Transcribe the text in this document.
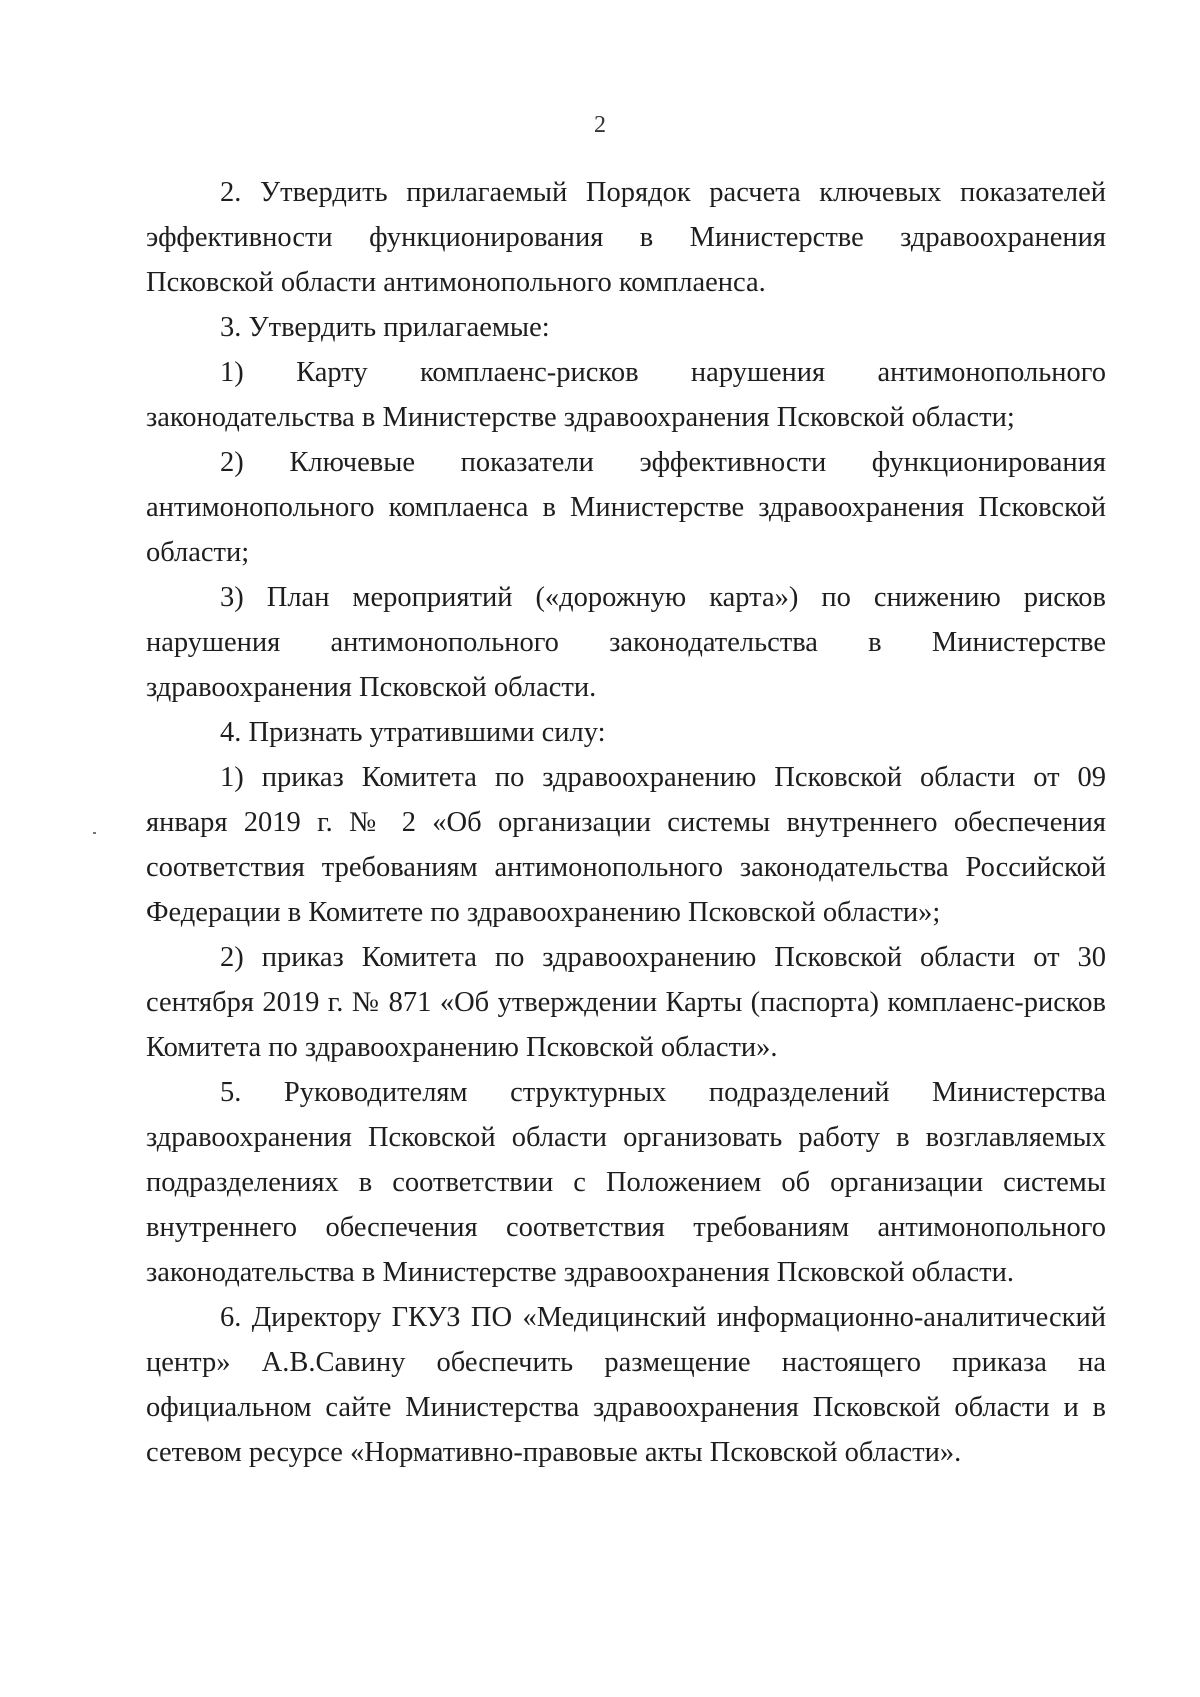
2

2. Утвердить прилагаемый Порядок расчета ключевых показателей эффективности функционирования в Министерстве здравоохранения Псковской области антимонопольного комплаенса.

3. Утвердить прилагаемые:

1) Карту комплаенс-рисков нарушения антимонопольного законодательства в Министерстве здравоохранения Псковской области;

2) Ключевые показатели эффективности функционирования антимонопольного комплаенса в Министерстве здравоохранения Псковской области;

3) План мероприятий («дорожную карта») по снижению рисков нарушения антимонопольного законодательства в Министерстве здравоохранения Псковской области.

4. Признать утратившими силу:

1) приказ Комитета по здравоохранению Псковской области от 09 января 2019 г. № 2 «Об организации системы внутреннего обеспечения соответствия требованиям антимонопольного законодательства Российской Федерации в Комитете по здравоохранению Псковской области»;

2) приказ Комитета по здравоохранению Псковской области от 30 сентября 2019 г. № 871 «Об утверждении Карты (паспорта) комплаенс-рисков Комитета по здравоохранению Псковской области».

5. Руководителям структурных подразделений Министерства здравоохранения Псковской области организовать работу в возглавляемых подразделениях в соответствии с Положением об организации системы внутреннего обеспечения соответствия требованиям антимонопольного законодательства в Министерстве здравоохранения Псковской области.

6. Директору ГКУЗ ПО «Медицинский информационно-аналитический центр» А.В.Савину обеспечить размещение настоящего приказа на официальном сайте Министерства здравоохранения Псковской области и в сетевом ресурсе «Нормативно-правовые акты Псковской области».
